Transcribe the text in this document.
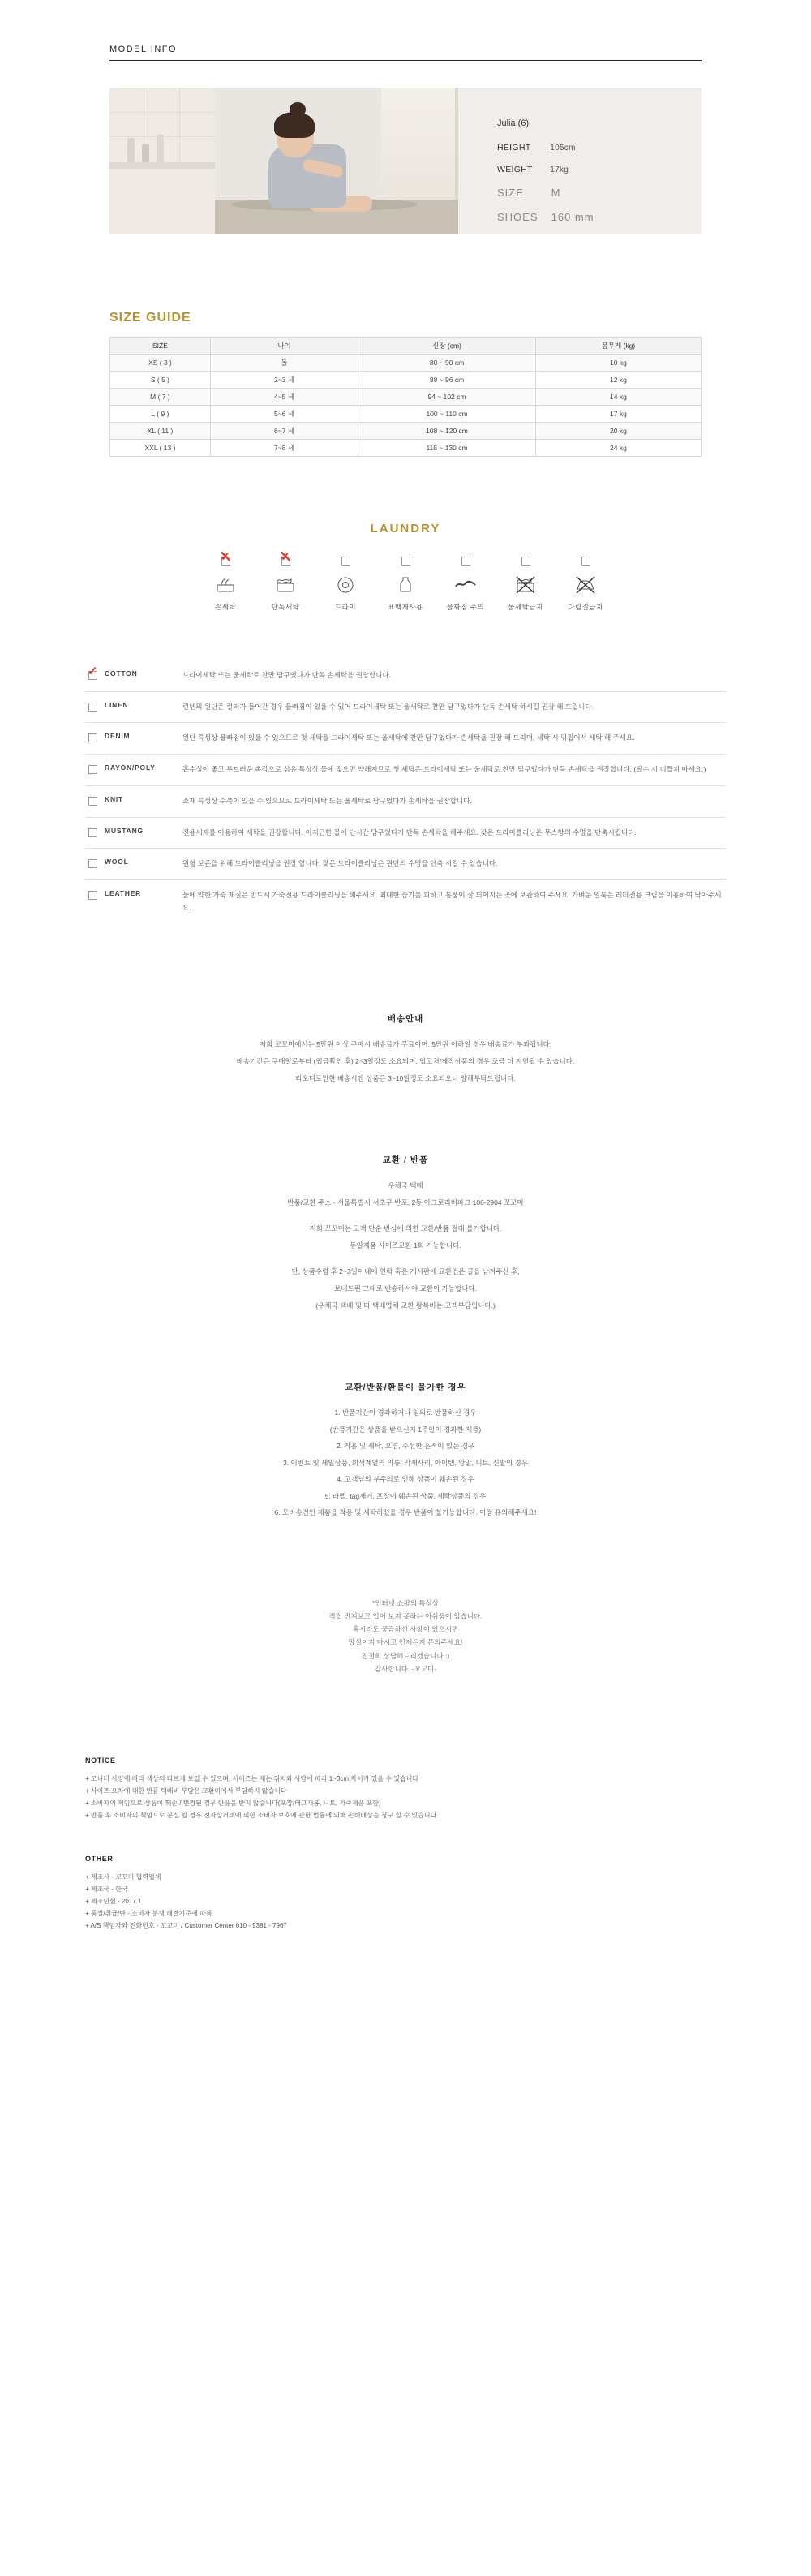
MODEL INFO
Julia (6)
HEIGHT 105cm
WEIGHT 17kg
SIZE	M
SHOES 160 mm
SIZE GUIDE
SIZE	나이	신장 (cm)	몸무게 (kg)
XS ( 3 )	돌	80 ~ 90 cm	10 kg
S ( 5 )	2~3 세	88 ~ 96 cm	12 kg
M ( 7 )	4~5 세	94 ~ 102 cm	14 kg
L ( 9 )	5~6 세	100 ~ 110 cm	17 kg
XL ( 11 )	6~7 세	108 ~ 120 cm	20 kg
XXL ( 13 )	7~8 세	118 ~ 130 cm	24 kg
LAUNDRY
✓
손세탁
✓	단독세탁	드라이	표백제사용	물짜짐 주의	물세탁금지	다림질금지
✓
COTTON	드라이세탁 또는 울세탁로 찬만 담구었다가 단독 손세탁을 권장합니다.
LINEN	린넨의 원단은 컬러가 들어간 경우 물빠짐이 있을 수 있어 드라이세탁 또는 울세탁로 찬만 담구었다가 단독 손세탁 하시길 권장 해 드립니다.
DENIM	원단 특성상 물빠짐이 있을 수 있으므로 첫 세탁을 드라이세탁 또는 울세탁에 찬만 담구었다가 손세탁을 권장 해 드리며, 세탁 시 뒤집어서 세탁 해 주세요.
RAYON/POLY	흡수성이 좋고 부드러운 촉감으로 섬유 특성상 물에 젖으면 약해지므로 첫 세탁은 드라이세탁 또는 울세탁로 찬만 담구었다가 단독 손세탁을 권장합니다. (탈수 시 비틀지 마세요.)
KNIT	소재 특성상 수축이 있을 수 있으므로 드라이세탁 또는 울세탁로 담구었다가 손세탁을 권장합니다.
MUSTANG	전용세제를 이용하여 세탁을 권장합니다. 이지근한 물에 단시간 담구었다가 단독 손세탁을 해주세요. 잦은 드라이클리닝은 무스항의 수명을 단축시킵니다.
WOOL	원형 보존을 위해 드라이클리닝을 권장 합니다. 잦은 드라이클리닝은 원단의 수명을 단축 시킬 수 있습니다.
LEATHER	물에 약한 가죽 제질은 반드시 가죽전용 드라이클리닝을 해주세요. 최대한 습기를 피하고 통풍이 잘 되어지는 곳에 보관하여 주세요. 가벼운 얼룩은 레더전용 크림을 이용하여 닦아주세요.
배송안내

저희 꼬꼬미에서는 5만원 이상 구매시 배송료가 무료이며, 5만원 이하일 경우 배송료가 부과됩니다.

배송기간은 구매일로부터 (입금확인 후) 2~3일정도 소요되며, 입고처/제작상품의 경우 조금 더 지연될 수 있습니다.

리오디로인한 배송시엔 상품은 3~10일정도 소요되오니 양해부탁드립니다.

교환 / 반품

우체국 택배

반품/교환 주소 - 서울특별시 서초구 반포, 2동 아크로리버파크 106-2904 꼬꼬미

저희 꼬꼬미는 고객 단순 변심에 의한 교환/반품 절대 불가합니다.

동일제품 사이즈교환 1회 가능합니다.

단, 상품수령 후 2~3일이내에 연락 혹은 게시판에 교환건은 글을 남겨주신 후,

보내드린 그대로 반송하셔야 교환이 가능합니다.

(우체국 택배 및 타 택배업체 교환 왕복비는 고객부담입니다.)

교환/반품/환불이 불가한 경우

1. 반품기간이 경과하거나 임의로 반품하신 경우

(반품기간은 상품을 받으신지 1주일이 경과한 제품)

2. 착용 및 세탁, 오염, 수선한 흔적이 있는 경우

3. 이벤트 및 세일상품, 회색계열의 의류, 악세사리, 아이템, 앙말, 니트, 신발의 경우

4. 고객님의 부주의로 인해 상품이 훼손된 경우

5. 라벨, tag제거, 포장이 훼손된 상품, 세탁상품의 경우

6. 모바송건인 제품을 착용 및 세탁하셨을 경우 반품이 불가능합니다. 이점 유의해주세요!

*인터넷 쇼핑의 특성상

직접 만져보고 입어 보지 못하는 아쉬움이 있습니다.

혹시라도 궁금하신 사항이 있으시면

망설이지 마시고 언제든지 문의주세요!

친절히 상담해드리겠습니다 :)

감사합니다. -꼬꼬미-

NOTICE
+ 모니터 사양에 따라 색상의 다르게 보일 수 있으며, 사이즈는 재는 위치와 사람에 따라 1~3cm 차이가 있을 수 있습니다
+ 사이즈 오차에 대한 반품 택배비 부담은 교환미에서 부담하지 않습니다
+ 소비자의 책임으로 상품이 훼손 / 변경된 경우 반품을 받지 않습니다(포장/태그개봉, 니트, 가죽제품 포함)
+ 반품 후 소비자의 책임으로 분실 될 경우 전자상거래에 의한 소비자 보호에 관한 법률에 의해 손해배상을 청구 할 수 있습니다
OTHER
+ 제조사 - 꼬꼬미 협력업체
+ 제조국 - 한국
+ 제조년월 - 2017.1
+ 품질/취급/단 - 소비자 분쟁 해결기준에 따름
+ A/S 책임자와 전화번호 - 꼬꼬미 / Customer Center 010 - 9381 - 7967
